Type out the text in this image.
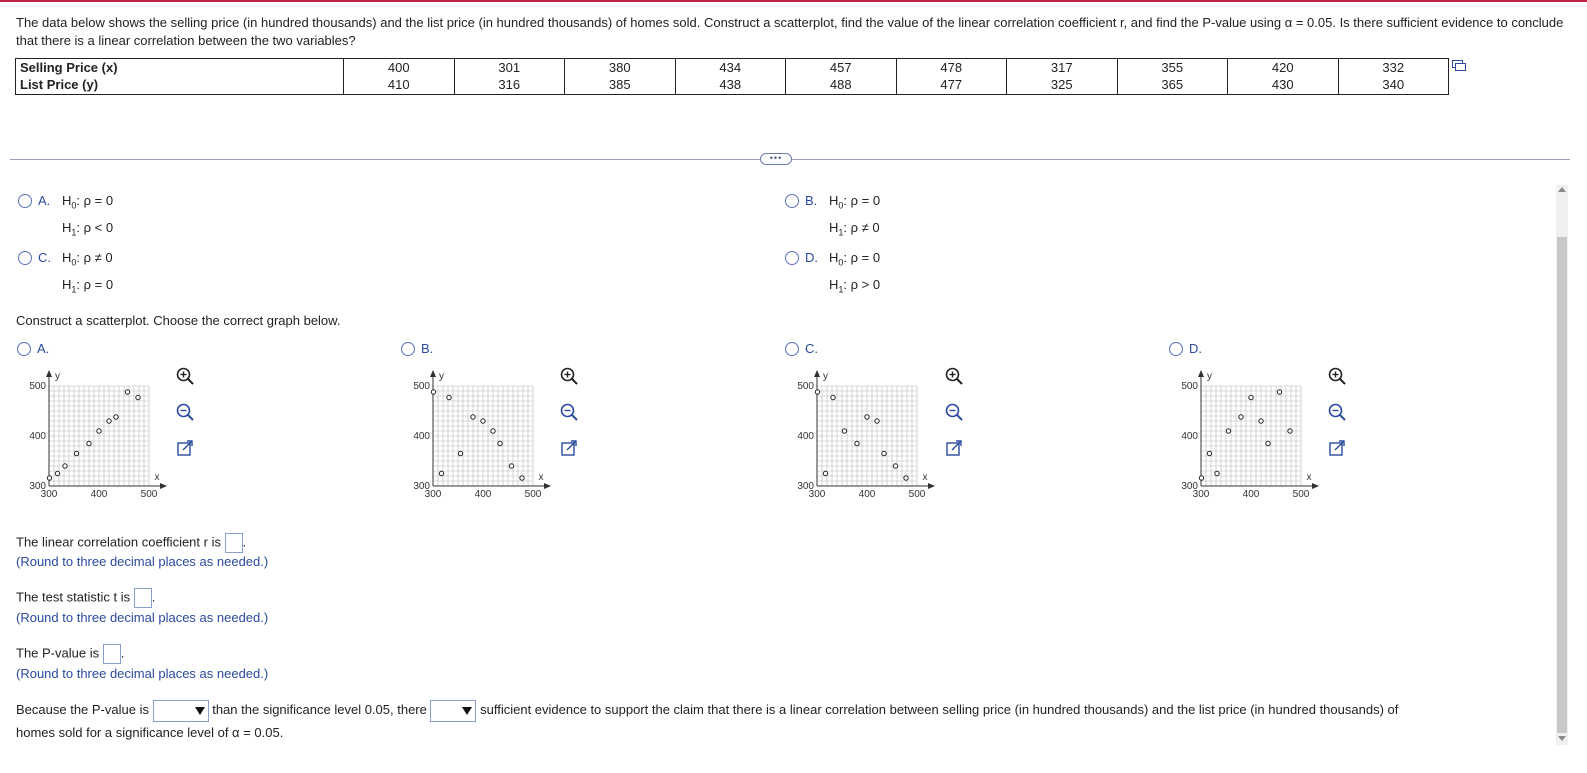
The data below shows the selling price (in hundred thousands) and the list price (in hundred thousands) of homes sold. Construct a scatterplot, find the value of the linear correlation coefficient r, and find the P-value using α = 0.05. Is there sufficient evidence to conclude that there is a linear correlation between the two variables?
Selling Price (x)	400	301	380	434	457	478	317	355	420	332
List Price (y)	410	316	385	438	488	477	325	365	430	340
•••
A. $H_0$: ρ = 0
$H_1$: ρ < 0
B. $H_0$: ρ = 0
$H_1$: ρ ≠ 0
C. $H_0$: ρ ≠ 0
$H_1$: ρ = 0
D. $H_0$: ρ = 0
$H_1$: ρ > 0
Construct a scatterplot. Choose the correct graph below.
A.
300
300
400
400
500
500
x
y
B.
300
300
400
400
500
500
x
y
C.
300
300
400
400
500
500
x
y
D.
300
300
400
400
500
500
x
y
The linear correlation coefficient r is .
(Round to three decimal places as needed.)
The test statistic t is .
(Round to three decimal places as needed.)
The P-value is .
(Round to three decimal places as needed.)
Because the P-value is	than the significance level 0.05, there	sufficient evidence to support the claim that there is a linear correlation between selling price (in hundred thousands) and the list price (in hundred thousands) of
homes sold for a significance level of α = 0.05.
